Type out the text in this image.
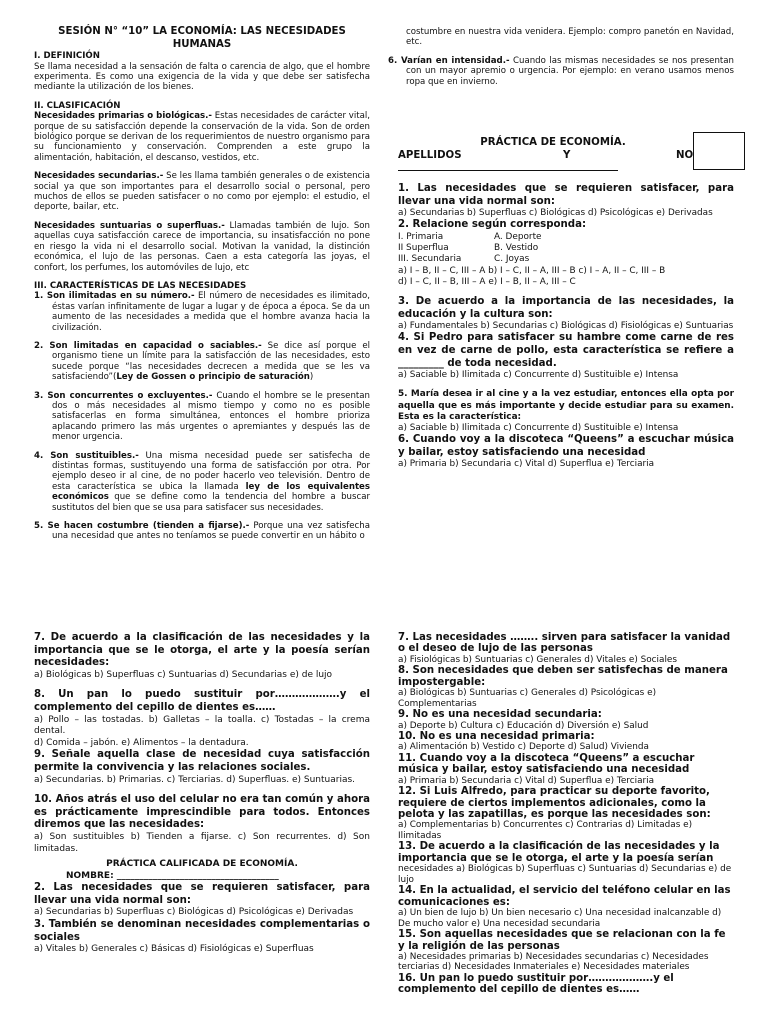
SESIÓN N° “10” LA ECONOMÍA: LAS NECESIDADES HUMANAS

I. DEFINICIÓN

Se llama necesidad a la sensación de falta o carencia de algo, que el hombre experimenta. Es como una exigencia de la vida y que debe ser satisfecha mediante la utilización de los bienes.

II. CLASIFICACIÓN

Necesidades primarias o biológicas.- Estas necesidades de carácter vital, porque de su satisfacción depende la conservación de la vida. Son de orden biológico porque se derivan de los requerimientos de nuestro organismo para su funcionamiento y conservación. Comprenden a este grupo la alimentación, habitación, el descanso, vestidos, etc.

Necesidades secundarias.- Se les llama también generales o de existencia social ya que son importantes para el desarrollo social o personal, pero muchos de ellos se pueden satisfacer o no como por ejemplo: el estudio, el deporte, bailar, etc.

Necesidades suntuarias o superfluas.- Llamadas también de lujo. Son aquellas cuya satisfacción carece de importancia, su insatisfacción no pone en riesgo la vida ni el desarrollo social. Motivan la vanidad, la distinción económica, el lujo de las personas. Caen a esta categoría las joyas, el confort, los perfumes, los automóviles de lujo, etc

III. CARACTERÍSTICAS DE LAS NECESIDADES

1. Son ilimitadas en su número.- El número de necesidades es ilimitado, éstas varían infinitamente de lugar a lugar y de época a época. Se da un aumento de las necesidades a medida que el hombre avanza hacia la civilización.

2. Son limitadas en capacidad o saciables.- Se dice así porque el organismo tiene un límite para la satisfacción de las necesidades, esto sucede porque “las necesidades decrecen a medida que se les va satisfaciendo”(Ley de Gossen o principio de saturación)

3. Son concurrentes o excluyentes.- Cuando el hombre se le presentan dos o más necesidades al mismo tiempo y como no es posible satisfacerlas en forma simultánea, entonces el hombre prioriza aplacando primero las más urgentes o apremiantes y después las de menor urgencia.

4. Son sustituibles.- Una misma necesidad puede ser satisfecha de distintas formas, sustituyendo una forma de satisfacción por otra. Por ejemplo deseo ir al cine, de no poder hacerlo veo televisión. Dentro de esta característica se ubica la llamada ley de los equivalentes económicos que se define como la tendencia del hombre a buscar sustitutos del bien que se usa para satisfacer sus necesidades.

5. Se hacen costumbre (tienden a fijarse).- Porque una vez satisfecha una necesidad que antes no teníamos se puede convertir en un hábito o

costumbre en nuestra vida venidera. Ejemplo: compro panetón en Navidad, etc.

6. Varían en intensidad.- Cuando las mismas necesidades se nos presentan con un mayor apremio o urgencia. Por ejemplo: en verano usamos menos ropa que en invierno.

PRÁCTICA DE ECONOMÍA.

APELLIDOS	Y	NO

1. Las necesidades que se requieren satisfacer, para llevar una vida normal son:

a) Secundarias b) Superfluas c) Biológicas d) Psicológicas e) Derivadas

2. Relacione según corresponda:

I. Primaria	A. Deporte
II Superflua	B. Vestido
III. Secundaria	C. Joyas

a) I – B, II – C, III – A b) I – C, II – A, III – B c) I – A, II – C, III – B

d) I – C, II – B, III – A e) I – B, II – A, III – C

3. De acuerdo a la importancia de las necesidades, la educación y la cultura son:

a) Fundamentales b) Secundarias c) Biológicas d) Fisiológicas e) Suntuarias

4. Si Pedro para satisfacer su hambre come carne de res en vez de carne de pollo, esta característica se refiere a _________ de toda necesidad.

a) Saciable b) Ilimitada c) Concurrente d) Sustituible e) Intensa

5. María desea ir al cine y a la vez estudiar, entonces ella opta por aquella que es más importante y decide estudiar para su examen. Esta es la característica:

a) Saciable b) Ilimitada c) Concurrente d) Sustituible e) Intensa

6. Cuando voy a la discoteca “Queens” a escuchar música y bailar, estoy satisfaciendo una necesidad

a) Primaria b) Secundaria c) Vital d) Superflua e) Terciaria

7. De acuerdo a la clasificación de las necesidades y la importancia que se le otorga, el arte y la poesía serían necesidades:

a) Biológicas b) Superfluas c) Suntuarias d) Secundarias e) de lujo

8. Un pan lo puedo sustituir por……………….y el complemento del cepillo de dientes es……

a) Pollo – las tostadas. b) Galletas – la toalla. c) Tostadas – la crema dental.

d) Comida – jabón. e) Alimentos – la dentadura.

9. Señale aquella clase de necesidad cuya satisfacción permite la convivencia y las relaciones sociales.

a) Secundarias. b) Primarias. c) Terciarias. d) Superfluas. e) Suntuarias.

10. Años atrás el uso del celular no era tan común y ahora es prácticamente imprescindible para todos. Entonces diremos que las necesidades:

a) Son sustituibles b) Tienden a fijarse. c) Son recurrentes. d) Son limitadas.

PRÁCTICA CALIFICADA DE ECONOMÍA.

NOMBRE: ____________________________________

2. Las necesidades que se requieren satisfacer, para llevar una vida normal son:

a) Secundarias b) Superfluas c) Biológicas d) Psicológicas e) Derivadas

3. También se denominan necesidades complementarias o sociales

a) Vitales b) Generales c) Básicas d) Fisiológicas e) Superfluas

7. Las necesidades …….. sirven para satisfacer la vanidad o el deseo de lujo de las personas

a) Fisiológicas b) Suntuarias c) Generales d) Vitales e) Sociales

8. Son necesidades que deben ser satisfechas de manera impostergable:

a) Biológicas b) Suntuarias c) Generales d) Psicológicas e) Complementarias

9. No es una necesidad secundaria:

a) Deporte b) Cultura c) Educación d) Diversión e) Salud

10. No es una necesidad primaria:

a) Alimentación b) Vestido c) Deporte d) Salud) Vivienda

11. Cuando voy a la discoteca “Queens” a escuchar música y bailar, estoy satisfaciendo una necesidad

a) Primaria b) Secundaria c) Vital d) Superflua e) Terciaria

12. Si Luis Alfredo, para practicar su deporte favorito, requiere de ciertos implementos adicionales, como la pelota y las zapatillas, es porque las necesidades son:

a) Complementarias b) Concurrentes c) Contrarias d) Limitadas e) Ilimitadas

13. De acuerdo a la clasificación de las necesidades y la importancia que se le otorga, el arte y la poesía serían

necesidades a) Biológicas b) Superfluas c) Suntuarias d) Secundarias e) de lujo

14. En la actualidad, el servicio del teléfono celular en las comunicaciones es:

a) Un bien de lujo b) Un bien necesario c) Una necesidad inalcanzable d) De mucho valor e) Una necesidad secundaria

15. Son aquellas necesidades que se relacionan con la fe y la religión de las personas

a) Necesidades primarias b) Necesidades secundarias c) Necesidades terciarias d) Necesidades Inmateriales e) Necesidades materiales

16. Un pan lo puedo sustituir por……………….y el complemento del cepillo de dientes es……
